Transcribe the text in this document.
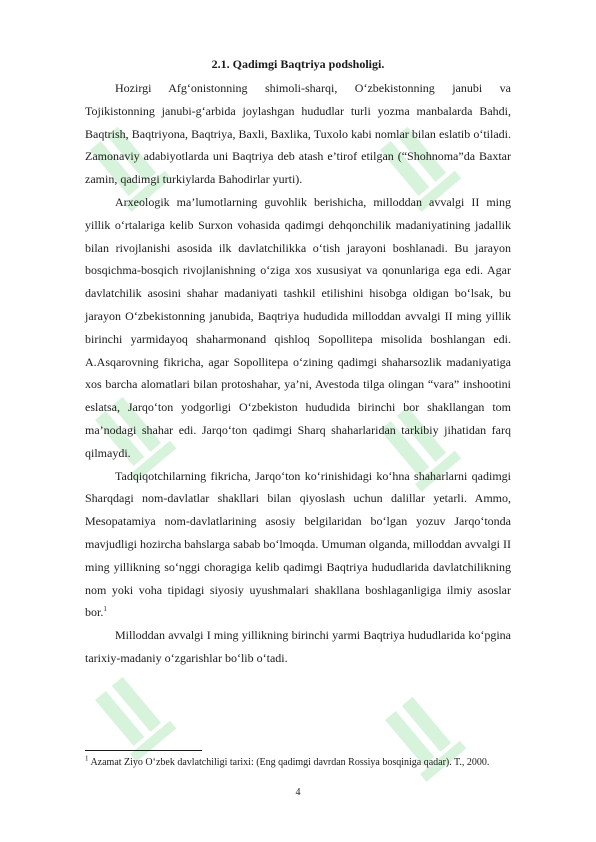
2.1. Qadimgi Baqtriya podsholigi.

Hozirgi Afg‘onistonning shimoli-sharqi, O‘zbekistonning janubi va Tojikistonning janubi-g‘arbida joylashgan hududlar turli yozma manbalarda Bahdi, Baqtrish, Baqtriyona, Baqtriya, Baxli, Baxlika, Tuxolo kabi nomlar bilan eslatib o‘tiladi. Zamonaviy adabiyotlarda uni Baqtriya deb atash e’tirof etilgan (“Shohnoma”da Baxtar zamin, qadimgi turkiylarda Bahodirlar yurti).

Arxeologik ma’lumotlarning guvohlik berishicha, milloddan avvalgi II ming yillik o‘rtalariga kelib Surxon vohasida qadimgi dehqonchilik madaniyatining jadallik bilan rivojlanishi asosida ilk davlatchilikka o‘tish jarayoni boshlanadi. Bu jarayon bosqichma-bosqich rivojlanishning o‘ziga xos xususiyat va qonunlariga ega edi. Agar davlatchilik asosini shahar madaniyati tashkil etilishini hisobga oldigan bo‘lsak, bu jarayon O‘zbekistonning janubida, Baqtriya hududida milloddan avvalgi II ming yillik birinchi yarmidayoq shaharmonand qishloq Sopollitepa misolida boshlangan edi. A.Asqarovning fikricha, agar Sopollitepa o‘zining qadimgi shaharsozlik madaniyatiga xos barcha alomatlari bilan protoshahar, ya’ni, Avestoda tilga olingan “vara” inshootini eslatsa, Jarqo‘ton yodgorligi O‘zbekiston hududida birinchi bor shakllangan tom ma’nodagi shahar edi. Jarqo‘ton qadimgi Sharq shaharlaridan tarkibiy jihatidan farq qilmaydi.

Tadqiqotchilarning fikricha, Jarqo‘ton ko‘rinishidagi ko‘hna shaharlarni qadimgi Sharqdagi nom-davlatlar shakllari bilan qiyoslash uchun dalillar yetarli. Ammo, Mesopatamiya nom-davlatlarining asosiy belgilaridan bo‘lgan yozuv Jarqo‘tonda mavjudligi hozircha bahslarga sabab bo‘lmoqda. Umuman olganda, milloddan avvalgi II ming yillikning so‘nggi choragiga kelib qadimgi Baqtriya hududlarida davlatchilikning nom yoki voha tipidagi siyosiy uyushmalari shakllana boshlaganligiga ilmiy asoslar bor.$^1$

Milloddan avvalgi I ming yillikning birinchi yarmi Baqtriya hududlarida ko‘pgina tarixiy-madaniy o‘zgarishlar bo‘lib o‘tadi.

$^1$ Azamat Ziyo O‘zbek davlatchiligi tarixi: (Eng qadimgi davrdan Rossiya bosqiniga qadar). T., 2000.

4
